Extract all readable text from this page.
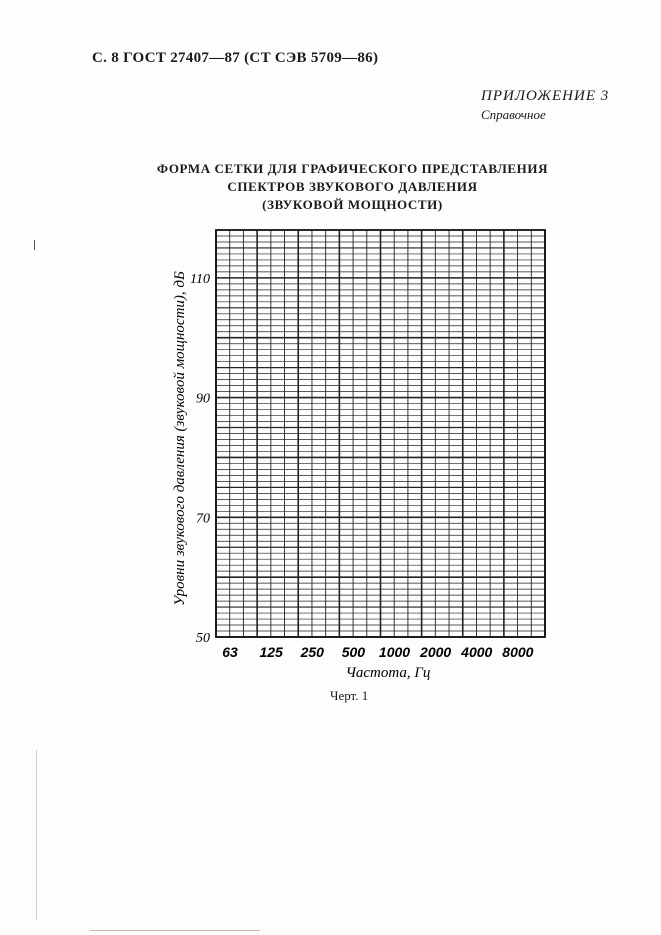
С. 8 ГОСТ 27407—87 (СТ СЭВ 5709—86)
ПРИЛОЖЕНИЕ 3
Справочное
ФОРМА СЕТКИ ДЛЯ ГРАФИЧЕСКОГО ПРЕДСТАВЛЕНИЯ
СПЕКТРОВ ЗВУКОВОГО ДАВЛЕНИЯ
(ЗВУКОВОЙ МОЩНОСТИ)
63 125 250 500 1000 2000 4000 8000
50
70
90
110
Частота, Гц
Уровни звукового давления (звуковой мощности), дБ
Черт. 1
